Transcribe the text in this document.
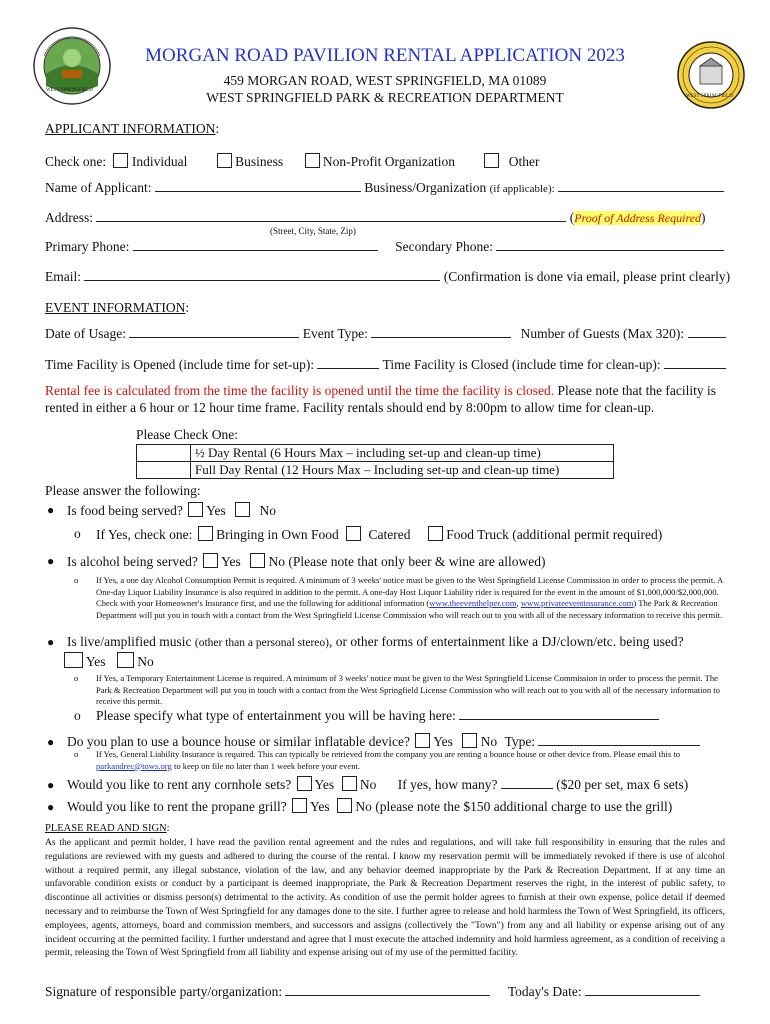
WEST SPRINGFIELD
WEST SPRINGFIELD
MORGAN ROAD PAVILION RENTAL APPLICATION 2023
459 MORGAN ROAD, WEST SPRINGFIELD, MA 01089
WEST SPRINGFIELD PARK & RECREATION DEPARTMENT
APPLICANT INFORMATION:
Check one: Individual	Business	Non-Profit Organization	Other
Name of Applicant:	Business/Organization (if applicable):
Address:	(Proof of Address Required)
(Street, City, State, Zip)
Primary Phone:	Secondary Phone:
Email:	(Confirmation is done via email, please print clearly)
EVENT INFORMATION:
Date of Usage:	Event Type:	Number of Guests (Max 320):
Time Facility is Opened (include time for set-up):	Time Facility is Closed (include time for clean-up):
Rental fee is calculated from the time the facility is opened until the time the facility is closed. Please note that the facility is rented in either a 6 hour or 12 hour time frame. Facility rentals should end by 8:00pm to allow time for clean-up.
Please Check One:
	½ Day Rental (6 Hours Max – including set-up and clean-up time)
	Full Day Rental (12 Hours Max – Including set-up and clean-up time)
Please answer the following:
● Is food being served? Yes	No
o If Yes, check one: Bringing in Own Food Catered	Food Truck (additional permit required)
● Is alcohol being served? Yes No (Please note that only beer & wine are allowed)
o If Yes, a one day Alcohol Consumption Permit is required. A minimum of 3 weeks' notice must be given to the West Springfield License Commission in order to process the permit. A One-day Liquor Liability Insurance is also required in addition to the permit. A one-day Host Liquor Liability rider is required for the event in the amount of $1,000,000/$2,000,000. Check with your Homeowner's Insurance first, and use the following for additional information (www.theeventhelper.com, www.privateeventinsurance.com) The Park & Recreation Department will put you in touch with a contact from the West Springfield License Commission who will reach out to you with all of the necessary information to receive this permit.
● Is live/amplified music (other than a personal stereo), or other forms of entertainment like a DJ/clown/etc. being used?
Yes No
o If Yes, a Temporary Entertainment License is required. A minimum of 3 weeks' notice must be given to the West Springfield License Commission in order to process the permit. The Park & Recreation Department will put you in touch with a contact from the West Springfield License Commission who will reach out to you with all of the necessary information to receive this permit.
o Please specify what type of entertainment you will be having here:
● Do you plan to use a bounce house or similar inflatable device? Yes No Type:
o If Yes, General Liability Insurance is required. This can typically be retrieved from the company you are renting a bounce house or other device from. Please email this to
parkandrec@tows.org to keep on file no later than 1 week before your event.
● Would you like to rent any cornhole sets? Yes No If yes, how many?	($20 per set, max 6 sets)
● Would you like to rent the propane grill? Yes No (please note the $150 additional charge to use the grill)
PLEASE READ AND SIGN:
As the applicant and permit holder, I have read the pavilion rental agreement and the rules and regulations, and will take full responsibility in ensuring that the rules and regulations are reviewed with my guests and adhered to during the course of the rental. I know my reservation permit will be immediately revoked if there is use of alcohol without a required permit, any illegal substance, violation of the law, and any behavior deemed inappropriate by the Park & Recreation Department. If at any time an unfavorable condition exists or conduct by a participant is deemed inappropriate, the Park & Recreation Department reserves the right, in the interest of public safety, to discontinue all activities or dismiss person(s) detrimental to the activity. As condition of use the permit holder agrees to furnish at their own expense, police detail if deemed necessary and to reimburse the Town of West Springfield for any damages done to the site. I further agree to release and hold harmless the Town of West Springfield, its officers, employees, agents, attorneys, board and commission members, and successors and assigns (collectively the "Town") from any and all liability or expense arising out of any incident occurring at the permitted facility. I further understand and agree that I must execute the attached indemnity and hold harmless agreement, as a condition of receiving a permit, releasing the Town of West Springfield from all liability and expense arising out of my use of the permitted facility.
Signature of responsible party/organization:	Today's Date:
